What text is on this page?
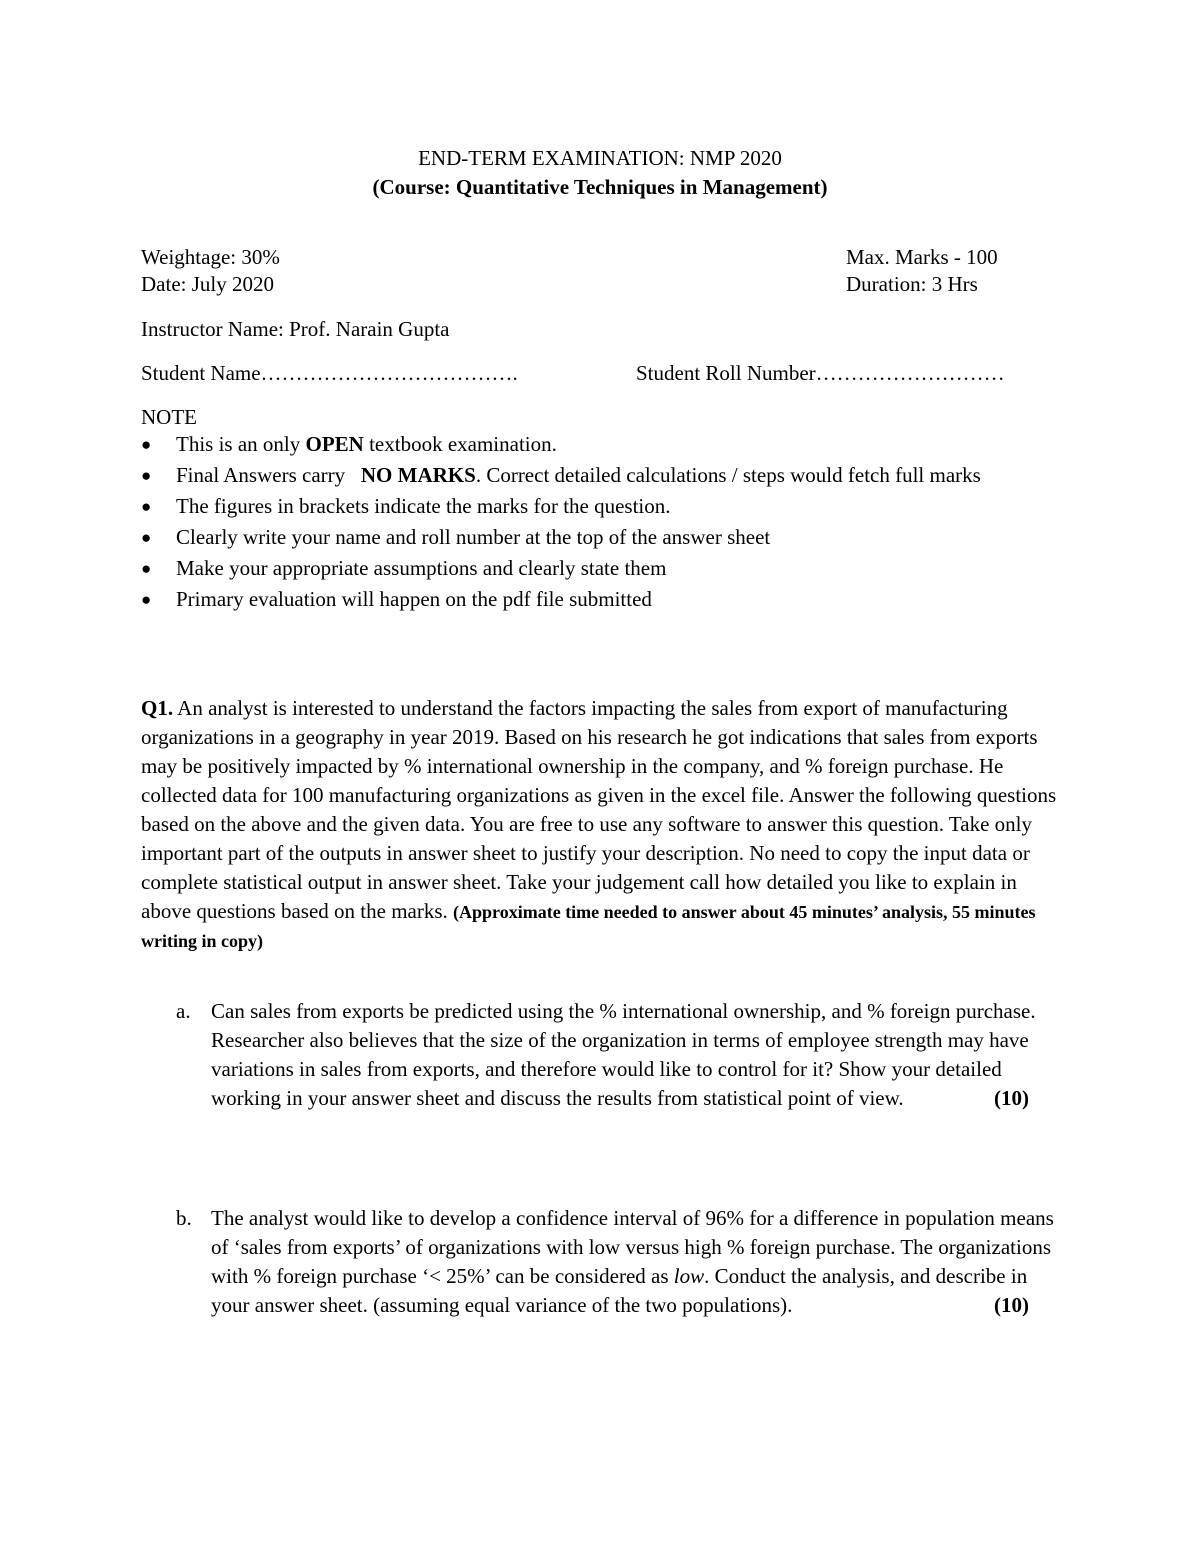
END-TERM EXAMINATION: NMP 2020
(Course: Quantitative Techniques in Management)
Weightage: 30%	Max. Marks - 100
Date: July 2020	Duration: 3 Hrs
Instructor Name: Prof. Narain Gupta
Student Name……………………………….	Student Roll Number………………………
NOTE
● This is an only OPEN textbook examination.
● Final Answers carry   NO MARKS. Correct detailed calculations / steps would fetch full marks
● The figures in brackets indicate the marks for the question.
● Clearly write your name and roll number at the top of the answer sheet
● Make your appropriate assumptions and clearly state them
● Primary evaluation will happen on the pdf file submitted
Q1. An analyst is interested to understand the factors impacting the sales from export of manufacturing organizations in a geography in year 2019. Based on his research he got indications that sales from exports may be positively impacted by % international ownership in the company, and % foreign purchase. He collected data for 100 manufacturing organizations as given in the excel file. Answer the following questions based on the above and the given data. You are free to use any software to answer this question. Take only important part of the outputs in answer sheet to justify your description. No need to copy the input data or complete statistical output in answer sheet. Take your judgement call how detailed you like to explain in above questions based on the marks. (Approximate time needed to answer about 45 minutes’ analysis, 55 minutes writing in copy)
a. Can sales from exports be predicted using the % international ownership, and % foreign purchase. Researcher also believes that the size of the organization in terms of employee strength may have variations in sales from exports, and therefore would like to control for it? Show your detailed working in your answer sheet and discuss the results from statistical point of view.	(10)
b. The analyst would like to develop a confidence interval of 96% for a difference in population means of ‘sales from exports’ of organizations with low versus high % foreign purchase. The organizations with % foreign purchase ‘< 25%’ can be considered as low. Conduct the analysis, and describe in your answer sheet. (assuming equal variance of the two populations).	(10)
